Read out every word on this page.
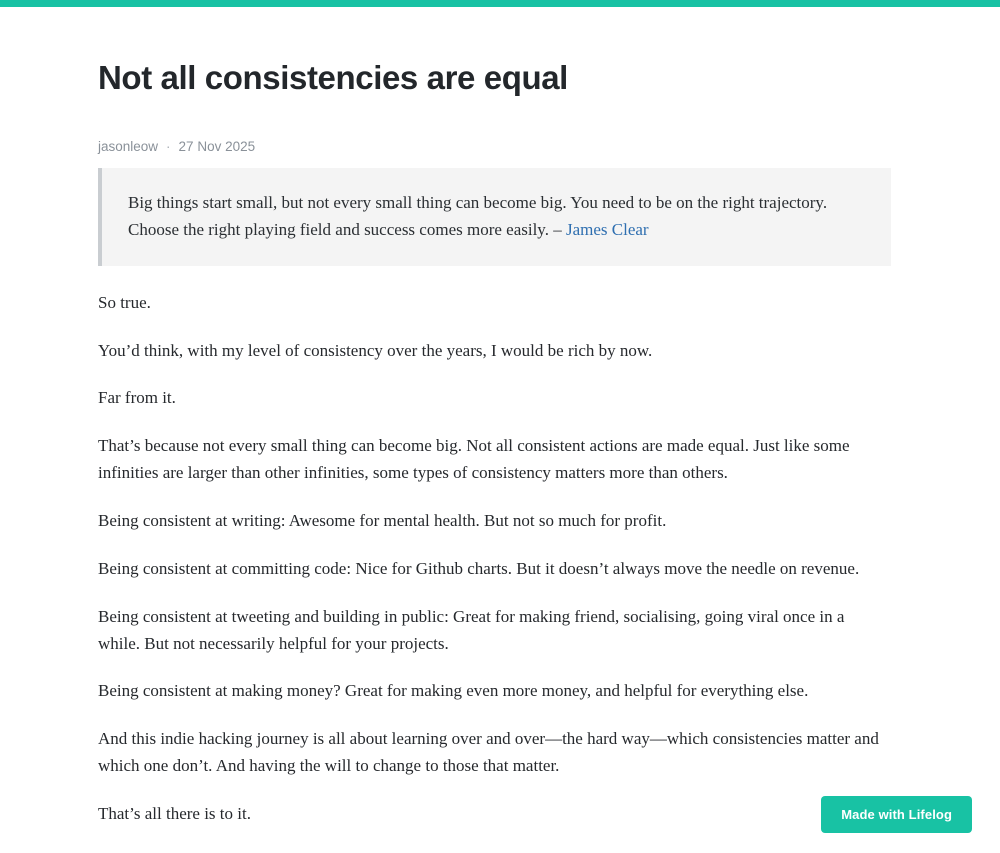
Not all consistencies are equal
jasonleow · 27 Nov 2025

Big things start small, but not every small thing can become big. You need to be on the right trajectory. Choose the right playing field and success comes more easily. – James Clear

So true.

You’d think, with my level of consistency over the years, I would be rich by now.

Far from it.

That’s because not every small thing can become big. Not all consistent actions are made equal. Just like some infinities are larger than other infinities, some types of consistency matters more than others.

Being consistent at writing: Awesome for mental health. But not so much for profit.

Being consistent at committing code: Nice for Github charts. But it doesn’t always move the needle on revenue.

Being consistent at tweeting and building in public: Great for making friend, socialising, going viral once in a while. But not necessarily helpful for your projects.

Being consistent at making money? Great for making even more money, and helpful for everything else.

And this indie hacking journey is all about learning over and over—the hard way—which consistencies matter and which one don’t. And having the will to change to those that matter.

That’s all there is to it.	Made with Lifelog
